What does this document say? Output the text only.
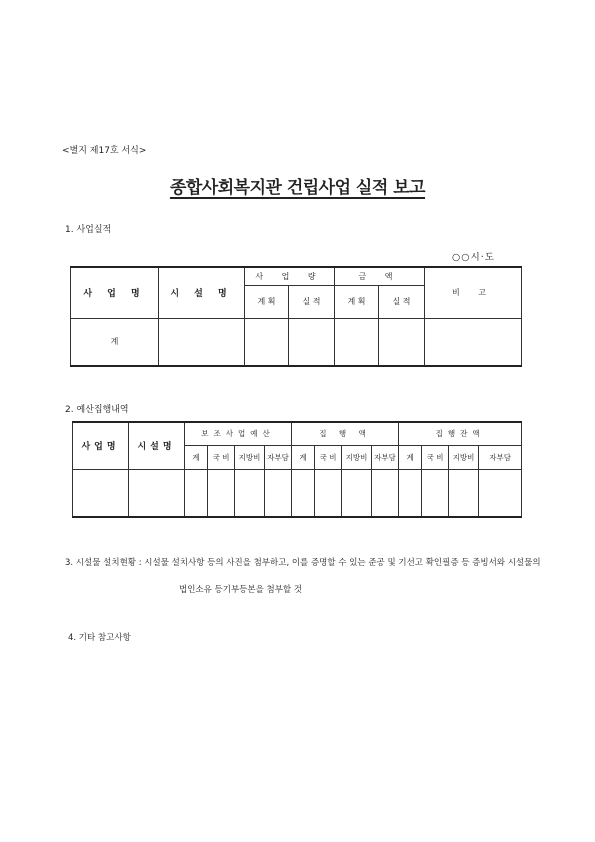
<별지 제17호 서식>
종합사회복지관 건립사업 실적 보고
1. 사업실적
○○시·도
사 업 명	시 설 명	사 업 량		금 액		비 고
		계 획	실 적	계 획	실 적	
계						
2. 예산집행내역
사업명	시설명	보조사업예산				집 행 액				집행잔액			
		계	국 비	지방비	자부담	계	국 비	지방비	자부담	계	국 비	지방비	자부담

3. 시설물 설치현황 : 시설물 설치사항 등의 사진을 첨부하고, 이를 증명할 수 있는 준공 및 기선고 확인필증 등 증빙서와 시설물의
법인소유 등기부등본을 첨부할 것
4. 기타 참고사항
